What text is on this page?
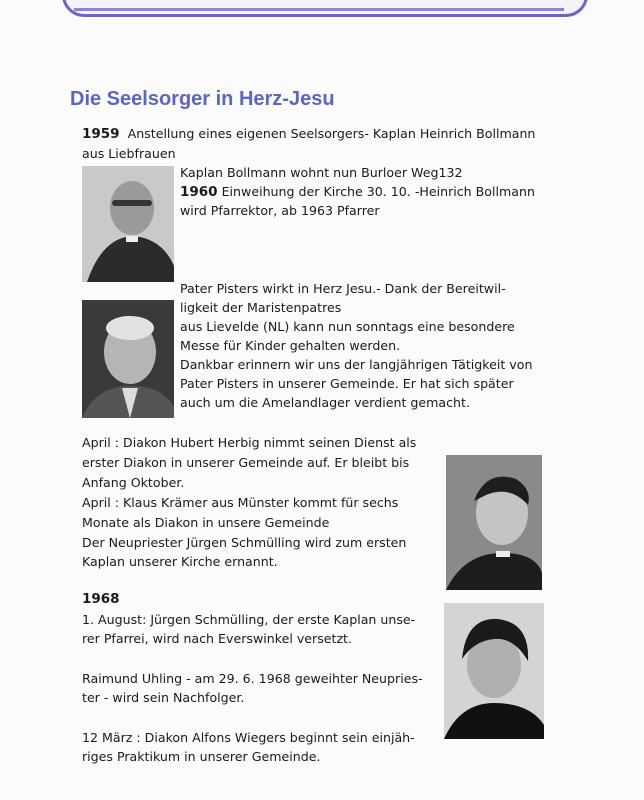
Die Seelsorger in Herz-Jesu
1959 Anstellung eines eigenen Seelsorgers- Kaplan Heinrich Bollmann
aus Liebfrauen
Kaplan Bollmann wohnt nun Burloer Weg132
1960 Einweihung der Kirche 30. 10. -Heinrich Bollmann
wird Pfarrektor, ab 1963 Pfarrer
Pater Pisters wirkt in Herz Jesu.- Dank der Bereitwil-
ligkeit der Maristenpatres
aus Lievelde (NL) kann nun sonntags eine besondere
Messe für Kinder gehalten werden.
Dankbar erinnern wir uns der langjährigen Tätigkeit von
Pater Pisters in unserer Gemeinde. Er hat sich später
auch um die Amelandlager verdient gemacht.
April : Diakon Hubert Herbig nimmt seinen Dienst als
erster Diakon in unserer Gemeinde auf. Er bleibt bis
Anfang Oktober.
April : Klaus Krämer aus Münster kommt für sechs
Monate als Diakon in unsere Gemeinde
Der Neupriester Jürgen Schmülling wird zum ersten
Kaplan unserer Kirche ernannt.
1968
1. August: Jürgen Schmülling, der erste Kaplan unse-
rer Pfarrei, wird nach Everswinkel versetzt.
Raimund Uhling - am 29. 6. 1968 geweihter Neupries-
ter - wird sein Nachfolger.
12 März : Diakon Alfons Wiegers beginnt sein einjäh-
riges Praktikum in unserer Gemeinde.
